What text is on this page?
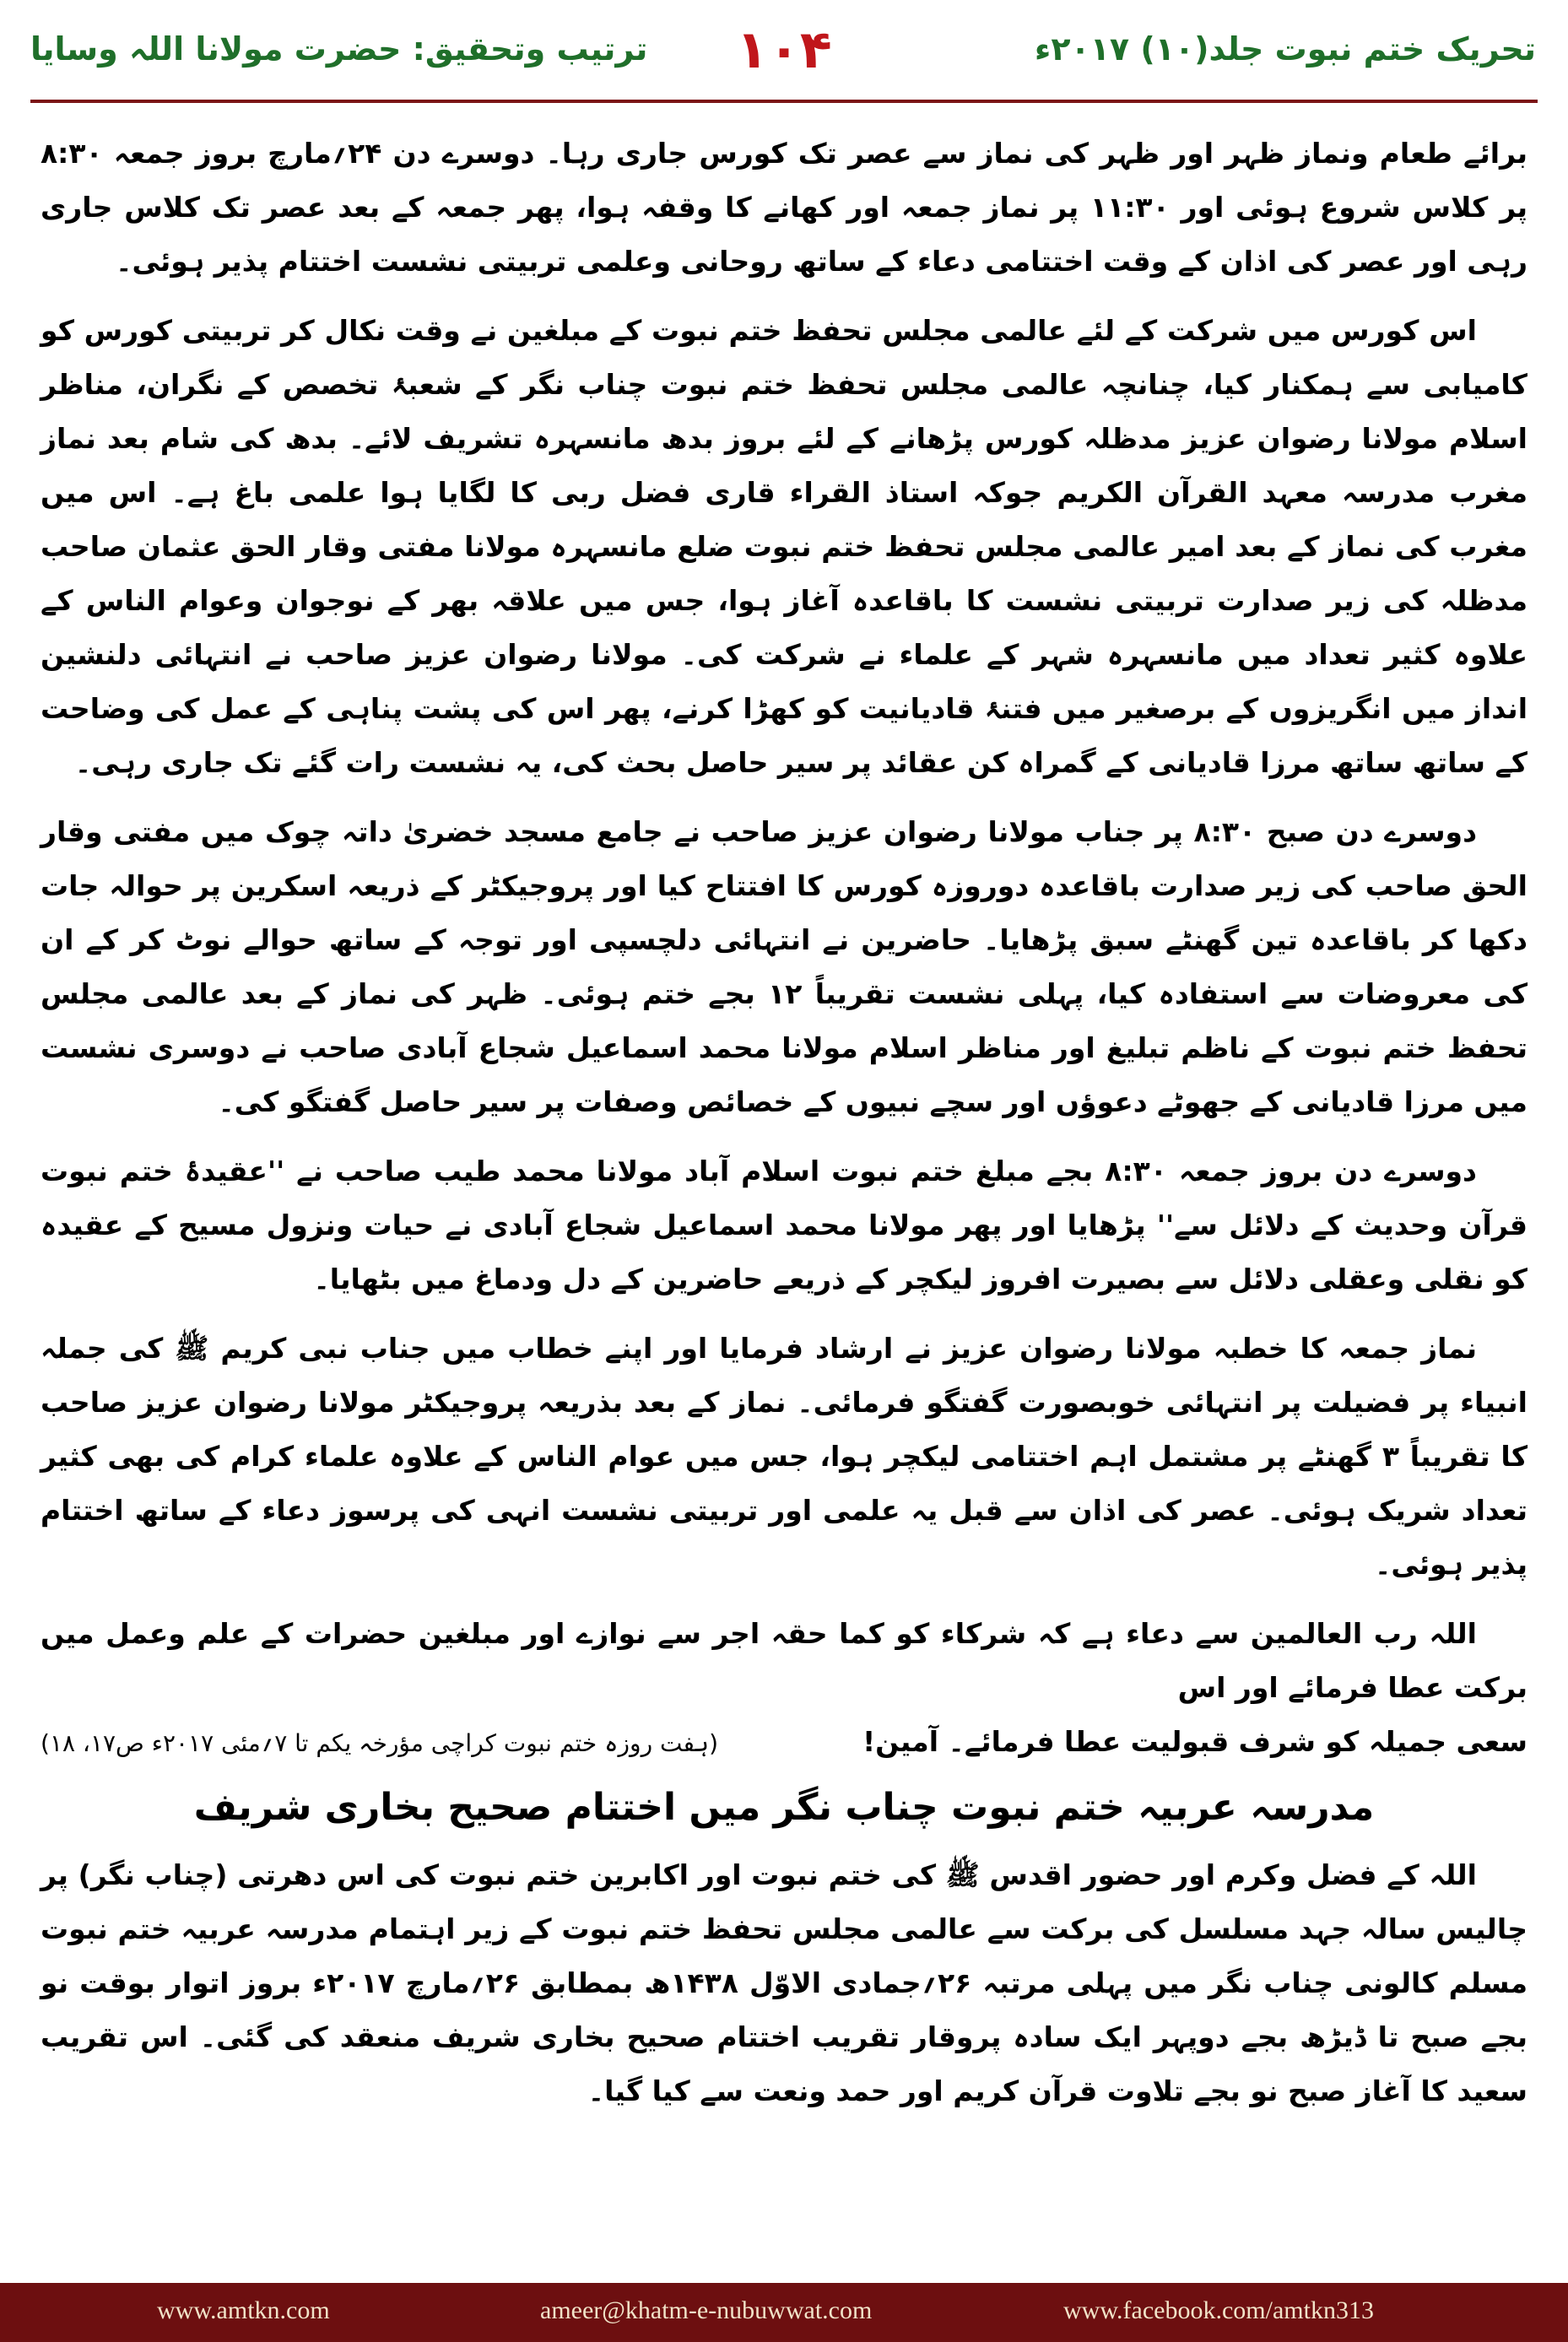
تحریک ختم نبوت جلد(۱۰) ۲۰۱۷ء
۱۰۴
ترتیب وتحقیق: حضرت مولانا اللہ وسایا

برائے طعام ونماز ظہر اور ظہر کی نماز سے عصر تک کورس جاری رہا۔ دوسرے دن ۲۴؍مارچ بروز جمعہ ۸:۳۰ پر کلاس شروع ہوئی اور ۱۱:۳۰ پر نماز جمعہ اور کھانے کا وقفہ ہوا، پھر جمعہ کے بعد عصر تک کلاس جاری رہی اور عصر کی اذان کے وقت اختتامی دعاء کے ساتھ روحانی وعلمی تربیتی نشست اختتام پذیر ہوئی۔

اس کورس میں شرکت کے لئے عالمی مجلس تحفظ ختم نبوت کے مبلغین نے وقت نکال کر تربیتی کورس کو کامیابی سے ہمکنار کیا، چنانچہ عالمی مجلس تحفظ ختم نبوت چناب نگر کے شعبۂ تخصص کے نگران، مناظر اسلام مولانا رضوان عزیز مدظلہ کورس پڑھانے کے لئے بروز بدھ مانسہرہ تشریف لائے۔ بدھ کی شام بعد نماز مغرب مدرسہ معہد القرآن الکریم جوکہ استاذ القراء قاری فضل ربی کا لگایا ہوا علمی باغ ہے۔ اس میں مغرب کی نماز کے بعد امیر عالمی مجلس تحفظ ختم نبوت ضلع مانسہرہ مولانا مفتی وقار الحق عثمان صاحب مدظلہ کی زیر صدارت تربیتی نشست کا باقاعدہ آغاز ہوا، جس میں علاقہ بھر کے نوجوان وعوام الناس کے علاوہ کثیر تعداد میں مانسہرہ شہر کے علماء نے شرکت کی۔ مولانا رضوان عزیز صاحب نے انتہائی دلنشین انداز میں انگریزوں کے برصغیر میں فتنۂ قادیانیت کو کھڑا کرنے، پھر اس کی پشت پناہی کے عمل کی وضاحت کے ساتھ ساتھ مرزا قادیانی کے گمراہ کن عقائد پر سیر حاصل بحث کی، یہ نشست رات گئے تک جاری رہی۔

دوسرے دن صبح ۸:۳۰ پر جناب مولانا رضوان عزیز صاحب نے جامع مسجد خضریٰ داتہ چوک میں مفتی وقار الحق صاحب کی زیر صدارت باقاعدہ دوروزہ کورس کا افتتاح کیا اور پروجیکٹر کے ذریعہ اسکرین پر حوالہ جات دکھا کر باقاعدہ تین گھنٹے سبق پڑھایا۔ حاضرین نے انتہائی دلچسپی اور توجہ کے ساتھ حوالے نوٹ کر کے ان کی معروضات سے استفادہ کیا، پہلی نشست تقریباً ۱۲ بجے ختم ہوئی۔ ظہر کی نماز کے بعد عالمی مجلس تحفظ ختم نبوت کے ناظم تبلیغ اور مناظر اسلام مولانا محمد اسماعیل شجاع آبادی صاحب نے دوسری نشست میں مرزا قادیانی کے جھوٹے دعوؤں اور سچے نبیوں کے خصائص وصفات پر سیر حاصل گفتگو کی۔

دوسرے دن بروز جمعہ ۸:۳۰ بجے مبلغ ختم نبوت اسلام آباد مولانا محمد طیب صاحب نے ''عقیدۂ ختم نبوت قرآن وحدیث کے دلائل سے'' پڑھایا اور پھر مولانا محمد اسماعیل شجاع آبادی نے حیات ونزول مسیح کے عقیدہ کو نقلی وعقلی دلائل سے بصیرت افروز لیکچر کے ذریعے حاضرین کے دل ودماغ میں بٹھایا۔

نماز جمعہ کا خطبہ مولانا رضوان عزیز نے ارشاد فرمایا اور اپنے خطاب میں جناب نبی کریم ﷺ کی جملہ انبیاء پر فضیلت پر انتہائی خوبصورت گفتگو فرمائی۔ نماز کے بعد بذریعہ پروجیکٹر مولانا رضوان عزیز صاحب کا تقریباً ۳ گھنٹے پر مشتمل اہم اختتامی لیکچر ہوا، جس میں عوام الناس کے علاوہ علماء کرام کی بھی کثیر تعداد شریک ہوئی۔ عصر کی اذان سے قبل یہ علمی اور تربیتی نشست انہی کی پرسوز دعاء کے ساتھ اختتام پذیر ہوئی۔

اللہ رب العالمین سے دعاء ہے کہ شرکاء کو کما حقہ اجر سے نوازے اور مبلغین حضرات کے علم وعمل میں برکت عطا فرمائے اور اس

سعی جمیلہ کو شرف قبولیت عطا فرمائے۔ آمین!
(ہفت روزہ ختم نبوت کراچی مؤرخہ یکم تا ۷؍مئی ۲۰۱۷ء ص۱۷، ۱۸)
مدرسہ عربیہ ختم نبوت چناب نگر میں اختتام صحیح بخاری شریف

اللہ کے فضل وکرم اور حضور اقدس ﷺ کی ختم نبوت اور اکابرین ختم نبوت کی اس دھرتی (چناب نگر) پر چالیس سالہ جہد مسلسل کی برکت سے عالمی مجلس تحفظ ختم نبوت کے زیر اہتمام مدرسہ عربیہ ختم نبوت مسلم کالونی چناب نگر میں پہلی مرتبہ ۲۶؍جمادی الاوّل ۱۴۳۸ھ بمطابق ۲۶؍مارچ ۲۰۱۷ء بروز اتوار بوقت نو بجے صبح تا ڈیڑھ بجے دوپہر ایک سادہ پروقار تقریب اختتام صحیح بخاری شریف منعقد کی گئی۔ اس تقریب سعید کا آغاز صبح نو بجے تلاوت قرآن کریم اور حمد ونعت سے کیا گیا۔

www.amtkn.com	ameer@khatm-e-nubuwwat.com	www.facebook.com/amtkn313
